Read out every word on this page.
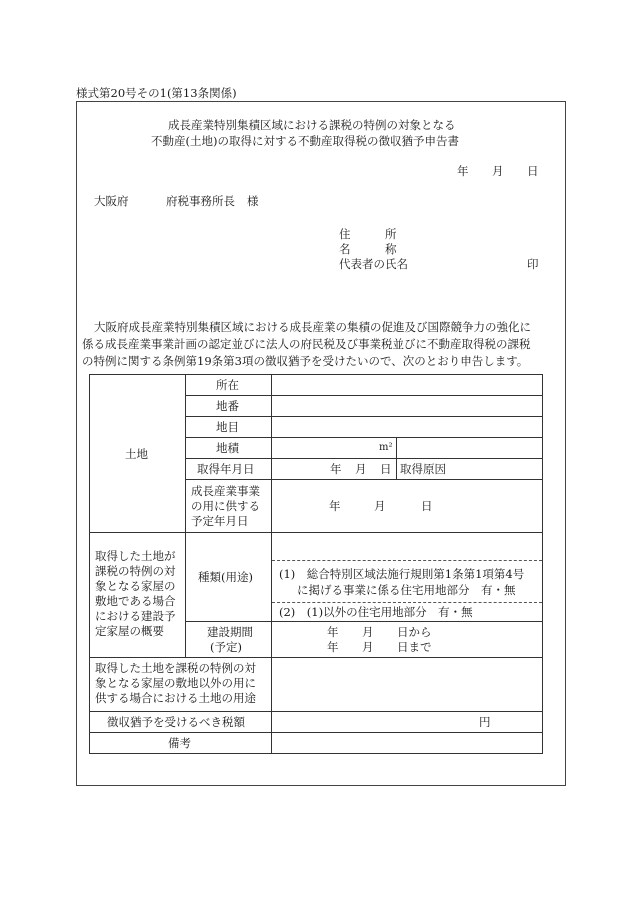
様式第20号その1(第13条関係)
成長産業特別集積区域における課税の特例の対象となる
不動産(土地)の取得に対する不動産取得税の徴収猶予申告書
年 月 日
大阪府	府税事務所長 様
住　　　所
名　　　称
代表者の氏名	印
大阪府成長産業特別集積区域における成長産業の集積の促進及び国際競争力の強化に
係る成長産業事業計画の認定並びに法人の府民税及び事業税並びに不動産取得税の課税
の特例に関する条例第19条第3項の徴収猶予を受けたいので、次のとおり申告します。
土地
所在
地番
地目
地積	m²
取得年月日	年 月 日 取得原因
成長産業事業
の用に供する
予定年月日
年	月	日
取得した土地が
課税の特例の対
象となる家屋の
敷地である場合
における建設予
定家屋の概要
種類(用途) (1)　総合特別区域法施行規則第1条第1項第4号
に掲げる事業に係る住宅用地部分　有・無
(2)　(1)以外の住宅用地部分　有・無
建設期間
(予定)
年 月 日から
年 月 日まで
取得した土地を課税の特例の対
象となる家屋の敷地以外の用に
供する場合における土地の用途
徴収猶予を受けるべき税額	円
備考
